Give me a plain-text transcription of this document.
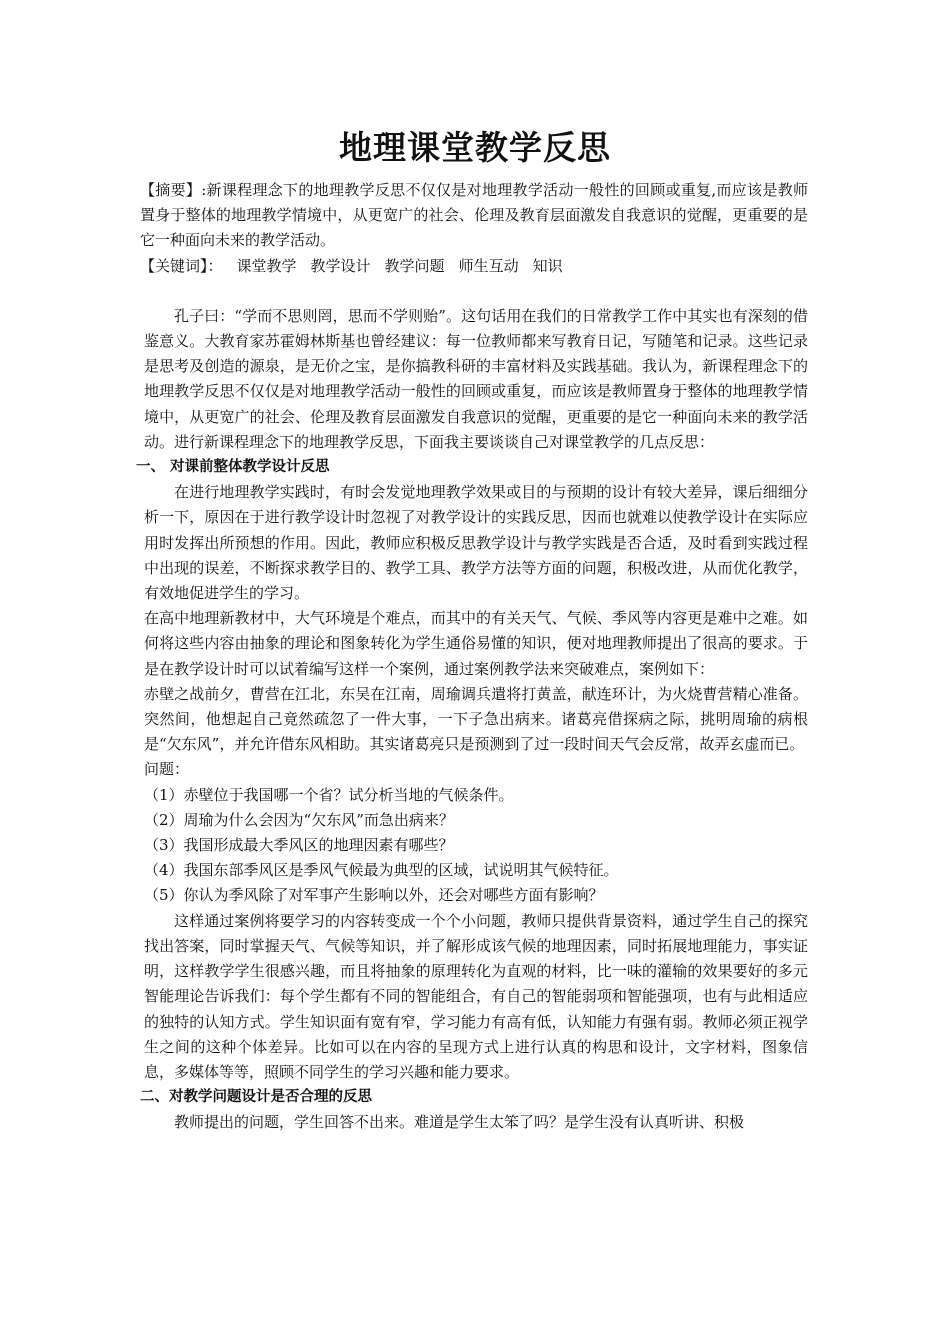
地理课堂教学反思

【摘要】:新课程理念下的地理教学反思不仅仅是对地理教学活动一般性的回顾或重复,而应该是教师置身于整体的地理教学情境中，从更宽广的社会、伦理及教育层面激发自我意识的觉醒，更重要的是它一种面向未来的教学活动。

【关键词】： 课堂教学 教学设计 教学问题 师生互动 知识

孔子曰：“学而不思则罔，思而不学则贻”。这句话用在我们的日常教学工作中其实也有深刻的借鉴意义。大教育家苏霍姆林斯基也曾经建议：每一位教师都来写教育日记，写随笔和记录。这些记录是思考及创造的源泉，是无价之宝，是你搞教科研的丰富材料及实践基础。我认为，新课程理念下的地理教学反思不仅仅是对地理教学活动一般性的回顾或重复，而应该是教师置身于整体的地理教学情境中，从更宽广的社会、伦理及教育层面激发自我意识的觉醒，更重要的是它一种面向未来的教学活动。进行新课程理念下的地理教学反思，下面我主要谈谈自己对课堂教学的几点反思：

一、 对课前整体教学设计反思

在进行地理教学实践时，有时会发觉地理教学效果或目的与预期的设计有较大差异，课后细细分析一下，原因在于进行教学设计时忽视了对教学设计的实践反思，因而也就难以使教学设计在实际应用时发挥出所预想的作用。因此，教师应积极反思教学设计与教学实践是否合适，及时看到实践过程中出现的误差，不断探求教学目的、教学工具、教学方法等方面的问题，积极改进，从而优化教学，有效地促进学生的学习。

在高中地理新教材中，大气环境是个难点，而其中的有关天气、气候、季风等内容更是难中之难。如何将这些内容由抽象的理论和图象转化为学生通俗易懂的知识，便对地理教师提出了很高的要求。于是在教学设计时可以试着编写这样一个案例，通过案例教学法来突破难点，案例如下：

赤壁之战前夕，曹营在江北，东吴在江南，周瑜调兵遣将打黄盖，献连环计，为火烧曹营精心准备。突然间，他想起自己竟然疏忽了一件大事，一下子急出病来。诸葛亮借探病之际，挑明周瑜的病根是“欠东风”，并允许借东风相助。其实诸葛亮只是预测到了过一段时间天气会反常，故弄玄虚而已。

问题：

（1）赤壁位于我国哪一个省？试分析当地的气候条件。

（2）周瑜为什么会因为“欠东风”而急出病来？

（3）我国形成最大季风区的地理因素有哪些？

（4）我国东部季风区是季风气候最为典型的区域，试说明其气候特征。

（5）你认为季风除了对军事产生影响以外，还会对哪些方面有影响？

这样通过案例将要学习的内容转变成一个个小问题，教师只提供背景资料，通过学生自己的探究找出答案，同时掌握天气、气候等知识，并了解形成该气候的地理因素，同时拓展地理能力，事实证明，这样教学学生很感兴趣，而且将抽象的原理转化为直观的材料，比一味的灌输的效果要好的多元智能理论告诉我们：每个学生都有不同的智能组合，有自己的智能弱项和智能强项，也有与此相适应的独特的认知方式。学生知识面有宽有窄，学习能力有高有低，认知能力有强有弱。教师必须正视学生之间的这种个体差异。比如可以在内容的呈现方式上进行认真的构思和设计，文字材料，图象信息，多媒体等等，照顾不同学生的学习兴趣和能力要求。

二、对教学问题设计是否合理的反思

教师提出的问题，学生回答不出来。难道是学生太笨了吗？是学生没有认真听讲、积极
